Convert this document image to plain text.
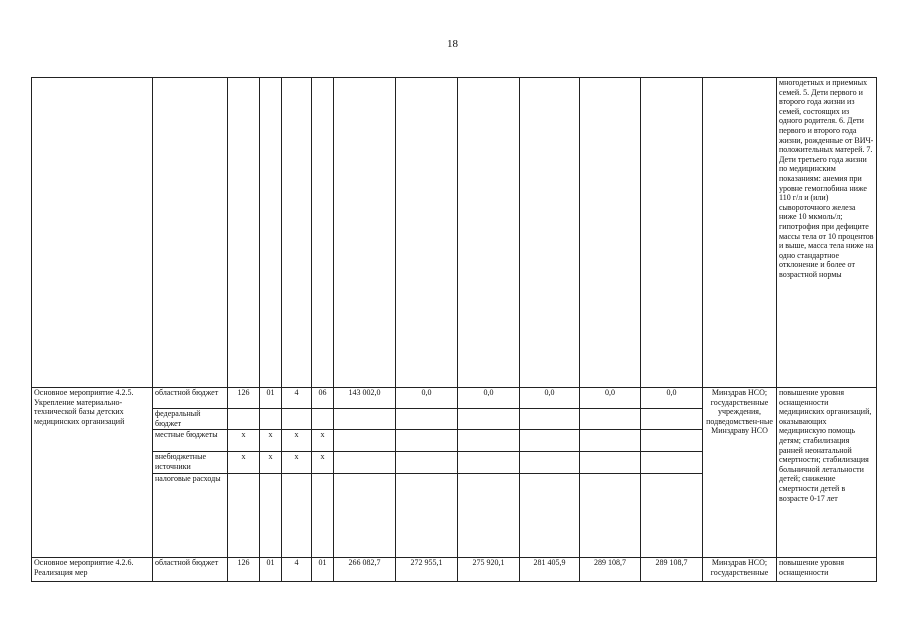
18
													многодетных и приемных семей. 5. Дети первого и второго года жизни из семей, состоящих из одного родителя. 6. Дети первого и второго года жизни, рожденные от ВИЧ-положительных матерей. 7. Дети третьего года жизни по медицинским показаниям: анемия при уровне гемоглобина ниже 110 г/л и (или) сывороточного железа ниже 10 мкмоль/л; гипотрофия при дефиците массы тела от 10 процентов и выше, масса тела ниже на одно стандартное отклонение и более от возрастной нормы
Основное мероприятие 4.2.5. Укрепление материально-технической базы детских медицинских организаций	областной бюджет	126	01	4	06	143 002,0	0,0	0,0	0,0	0,0	0,0	Минздрав НСО; государственные учреждения, подведомствен-ные Минздраву НСО	повышение уровня оснащенности медицинских организаций, оказывающих медицинскую помощь детям; стабилизация ранней неонатальной смертности; стабилизация больничной летальности детей; снижение смертности детей в возрасте 0-17 лет
	федеральный бюджет												
	местные бюджеты	x	x	x	x								
	внебюджетные источники	x	x	x	x								
	налоговые расходы												
Основное мероприятие 4.2.6. Реализация мер	областной бюджет	126	01	4	01	266 082,7	272 955,1	275 920,1	281 405,9	289 108,7	289 108,7	Минздрав НСО; государственные	повышение уровня оснащенности
